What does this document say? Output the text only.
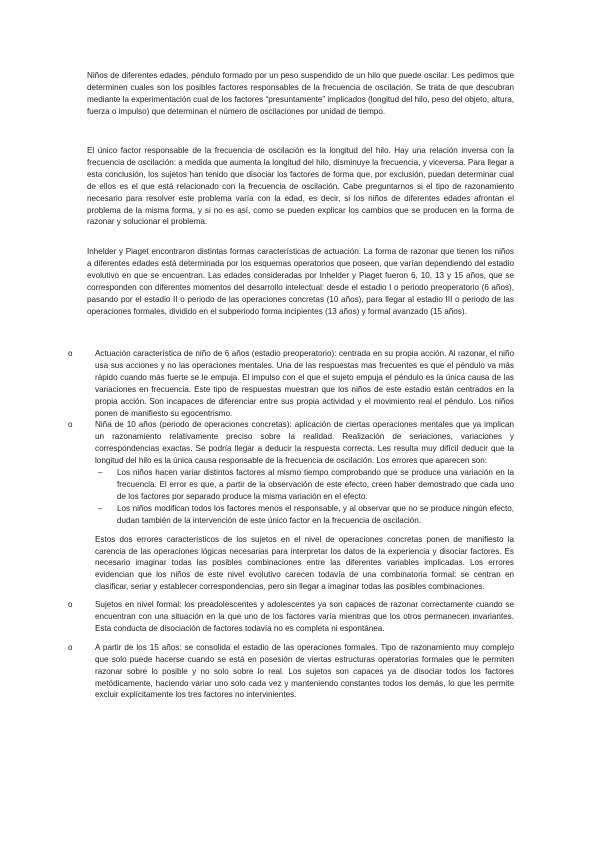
Niños de diferentes edades, péndulo formado por un peso suspendido de un hilo que puede oscilar. Les pedimos que determinen cuales son los posibles factores responsables de la frecuencia de oscilación. Se trata de que descubran mediante la experimentación cual de los factores “presuntamente” implicados (longitud del hilo, peso del objeto, altura, fuerza o impulso) que determinan el número de oscilaciones por unidad de tiempo.

El único factor responsable de la frecuencia de oscilación es la longitud del hilo. Hay una relación inversa con la frecuencia de oscilación: a medida que aumenta la longitud del hilo, disminuye la frecuencia, y viceversa. Para llegar a esta conclusión, los sujetos han tenido que disociar los factores de forma que, por exclusión, puedan determinar cual de ellos es el que está relacionado con la frecuencia de oscilación. Cabe preguntarnos si el tipo de razonamiento necesario para resolver este problema varía con la edad, es decir, si los niños de diferentes edades afrontan el problema de la misma forma, y si no es así, como se pueden explicar los cambios que se producen en la forma de razonar y solucionar el problema.

Inhelder y Piaget encontraron distintas formas características de actuación. La forma de razonar que tienen los niños a diferentes edades está determinada por los esquemas operatorios que poseen, que varían dependiendo del estadio evolutivo en que se encuentran. Las edades consideradas por Inhelder y Piaget fueron 6, 10, 13 y 15 años, que se corresponden con diferentes momentos del desarrollo intelectual: desde el estadio I o periodo preoperatorio (6 años), pasando por el estadio II o periodo de las operaciones concretas (10 años), para llegar al estadio III o periodo de las operaciones formales, dividido en el subperiodo forma incipientes (13 años) y formal avanzado (15 años).

o	Actuación característica de niño de 6 años (estadio preoperatorio): centrada en su propia acción. Al razonar, el niño usa sus acciones y no las operaciones mentales. Una de las respuestas mas frecuentes es que el péndulo va más rápido cuando más fuerte se le empuja. El impulso con el que el sujeto empuja el péndulo es la única causa de las variaciones en frecuencia. Este tipo de respuestas muestran que los niños de este estadio están centrados en la propia acción. Son incapaces de diferenciar entre sus propia actividad y el movimiento real el péndulo. Los niños ponen de manifiesto su egocentrismo.
o	Niña de 10 años (periodo de operaciones concretas): aplicación de ciertas operaciones mentales que ya implican un razonamiento relativamente preciso sobre la realidad. Realización de seriaciones, variaciones y correspondencias exactas. Se podría llegar a deducir la respuesta correcta. Les resulta muy difícil deducir que la longitud del hilo es la única causa responsable de la frecuencia de oscilación. Los errores que aparecen son:
– Los niños hacen variar distintos factores al mismo tiempo comprobando que se produce una variación en la frecuencia. El error es que, a partir de la observación de este efecto, creen haber demostrado que cada uno de los factores por separado produce la misma variación en el efecto.
– Los niños modifican todos los factores menos el responsable, y al observar que no se produce ningún efecto, dudan también de la intervención de este único factor en la frecuencia de oscilación.
Estos dos errores característicos de los sujetos en el nivel de operaciones concretas ponen de manifiesto la carencia de las operaciones lógicas necesarias para interpretar los datos de la experiencia y disociar factores. Es necesario imaginar todas las posibles combinaciones entre las diferentes variables implicadas. Los errores evidencian que los niños de este nivel evolutivo carecen todavía de una combinatoria formal: se centran en clasificar, seriar y establecer correspondencias, pero sin llegar a imaginar todas las posibles combinaciones.
o	Sujetos en nivel formal: los preadolescentes y adolescentes ya son capaces de razonar correctamente cuando se encuentran con una situación en la que uno de los factores varía mientras que los otros permanecen invariantes. Esta conducta de disociación de factores todavía no es completa ni espontánea.
o	A partir de los 15 años: se consolida el estadio de las operaciones formales. Tipo de razonamiento muy complejo que solo puede hacerse cuando se está en posesión de viertas estructuras operatorias formales que le permiten razonar sobre lo posible y no solo sobre lo real. Los sujetos son capaces ya de disociar todos los factores metódicamente, haciendo variar uno solo cada vez y manteniendo constantes todos los demás, lo que les permite excluir explícitamente los tres factores no intervinientes.
